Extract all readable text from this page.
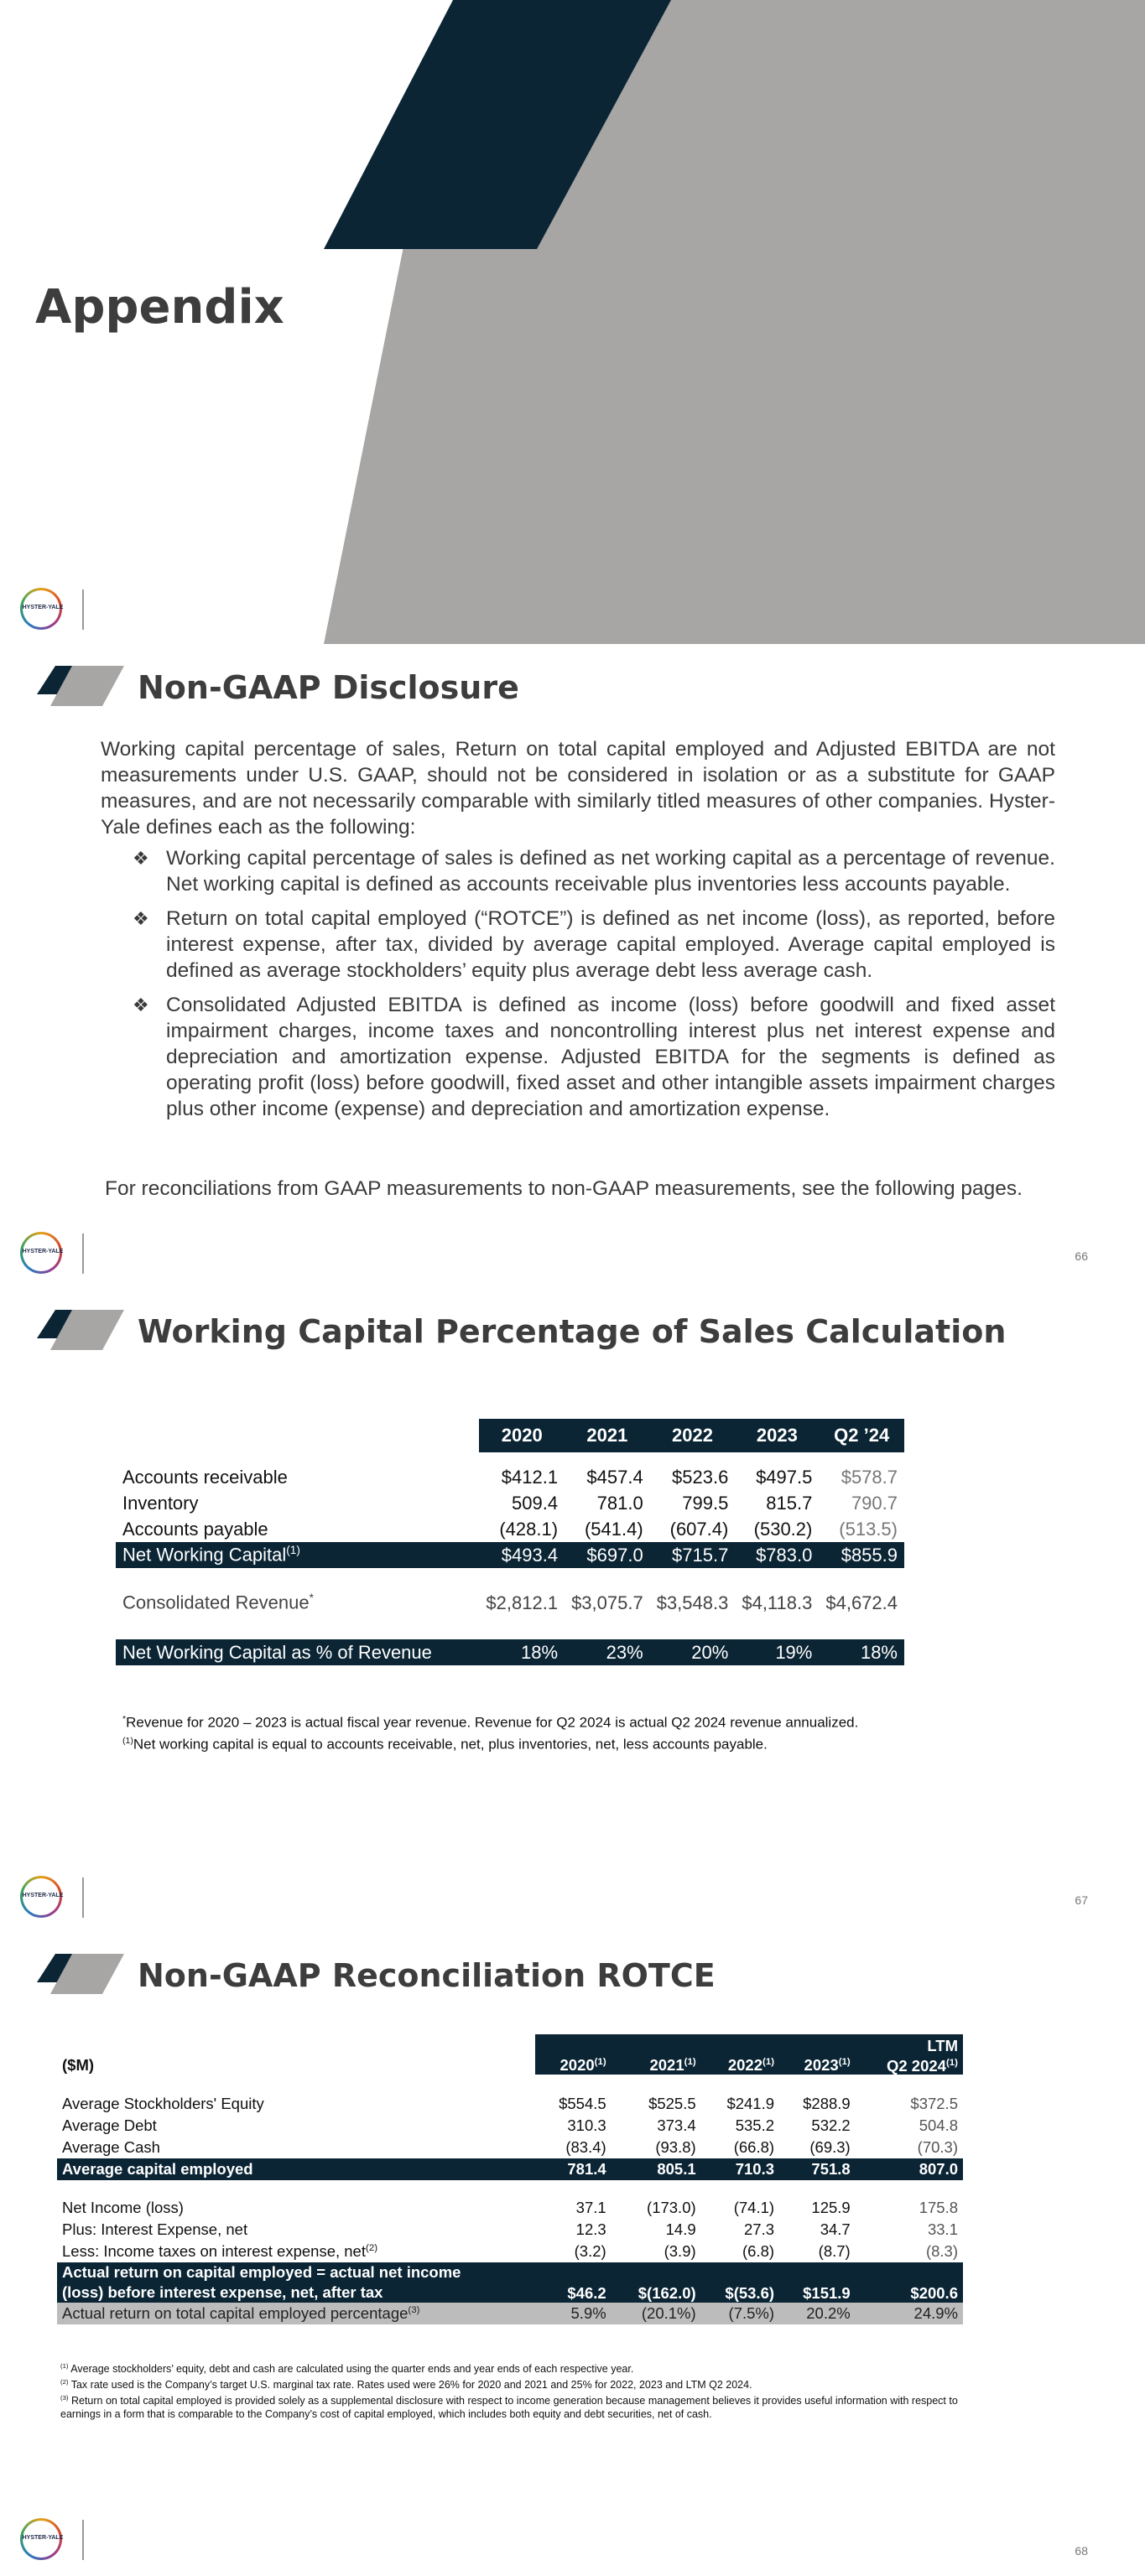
Appendix
HYSTER-YALE
Non-GAAP Disclosure

Working capital percentage of sales, Return on total capital employed and Adjusted EBITDA are not measurements under U.S. GAAP, should not be considered in isolation or as a substitute for GAAP measures, and are not necessarily comparable with similarly titled measures of other companies. Hyster-Yale defines each as the following:

❖ Working capital percentage of sales is defined as net working capital as a percentage of revenue. Net working capital is defined as accounts receivable plus inventories less accounts payable.
❖ Return on total capital employed (“ROTCE”) is defined as net income (loss), as reported, before interest expense, after tax, divided by average capital employed. Average capital employed is defined as average stockholders’ equity plus average debt less average cash.
❖ Consolidated Adjusted EBITDA is defined as income (loss) before goodwill and fixed asset impairment charges, income taxes and noncontrolling interest plus net interest expense and depreciation and amortization expense. Adjusted EBITDA for the segments is defined as operating profit (loss) before goodwill, fixed asset and other intangible assets impairment charges plus other income (expense) and depreciation and amortization expense.
For reconciliations from GAAP measurements to non-GAAP measurements, see the following pages.
HYSTER-YALE	66
Working Capital Percentage of Sales Calculation
		2020	2021	2022	2023	Q2 ’24

Accounts receivable		$412.1	$457.4	$523.6	$497.5	$578.7
Inventory		509.4	781.0	799.5	815.7	790.7
Accounts payable		(428.1)	(541.4)	(607.4)	(530.2)	(513.5)
Net Working Capital$^{(1)}$		$493.4	$697.0	$715.7	$783.0	$855.9

Consolidated Revenue*		$2,812.1	$3,075.7	$3,548.3	$4,118.3	$4,672.4

Net Working Capital as % of Revenue		18%	23%	20%	19%	18%
*Revenue for 2020 – 2023 is actual fiscal year revenue. Revenue for Q2 2024 is actual Q2 2024 revenue annualized.
$^{(1)}$Net working capital is equal to accounts receivable, net, plus inventories, net, less accounts payable.
HYSTER-YALE	67
Non-GAAP Reconciliation ROTCE
($M)	2020$^{(1)}$	2021$^{(1)}$	2022$^{(1)}$	2023$^{(1)}$	LTM
Q2 2024$^{(1)}$

Average Stockholders' Equity	$554.5	$525.5	$241.9	$288.9	$372.5
Average Debt	310.3	373.4	535.2	532.2	504.8
Average Cash	(83.4)	(93.8)	(66.8)	(69.3)	(70.3)
Average capital employed	781.4	805.1	710.3	751.8	807.0

Net Income (loss)	37.1	(173.0)	(74.1)	125.9	175.8
Plus: Interest Expense, net	12.3	14.9	27.3	34.7	33.1
Less: Income taxes on interest expense, net$^{(2)}$	(3.2)	(3.9)	(6.8)	(8.7)	(8.3)
Actual return on capital employed = actual net income
(loss) before interest expense, net, after tax	$46.2	$(162.0)	$(53.6)	$151.9	$200.6
Actual return on total capital employed percentage$^{(3)}$	5.9%	(20.1%)	(7.5%)	20.2%	24.9%
$^{(1)}$ Average stockholders’ equity, debt and cash are calculated using the quarter ends and year ends of each respective year.
$^{(2)}$ Tax rate used is the Company’s target U.S. marginal tax rate. Rates used were 26% for 2020 and 2021 and 25% for 2022, 2023 and LTM Q2 2024.
$^{(3)}$ Return on total capital employed is provided solely as a supplemental disclosure with respect to income generation because management believes it provides useful information with respect to earnings in a form that is comparable to the Company’s cost of capital employed, which includes both equity and debt securities, net of cash.
HYSTER-YALE
68
